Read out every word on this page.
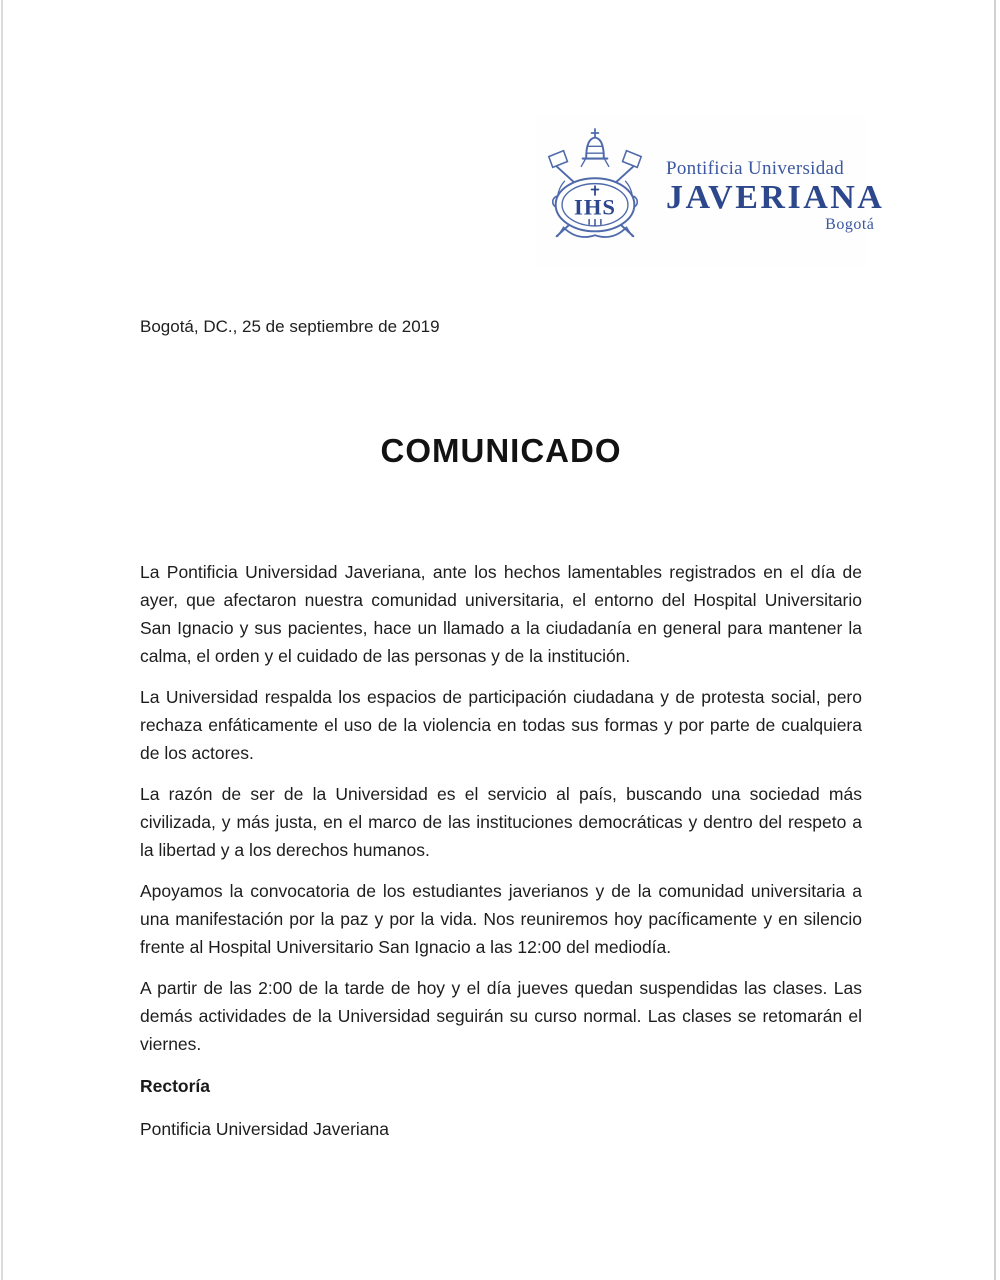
IHS
Pontificia Universidad
JAVERIANA
Bogotá
Bogotá, DC., 25 de septiembre de 2019
COMUNICADO

La Pontificia Universidad Javeriana, ante los hechos lamentables registrados en el día de ayer, que afectaron nuestra comunidad universitaria, el entorno del Hospital Universitario San Ignacio y sus pacientes, hace un llamado a la ciudadanía en general para mantener la calma, el orden y el cuidado de las personas y de la institución.

La Universidad respalda los espacios de participación ciudadana y de protesta social, pero rechaza enfáticamente el uso de la violencia en todas sus formas y por parte de cualquiera de los actores.

La razón de ser de la Universidad es el servicio al país, buscando una sociedad más civilizada, y más justa, en el marco de las instituciones democráticas y dentro del respeto a la libertad y a los derechos humanos.

Apoyamos la convocatoria de los estudiantes javerianos y de la comunidad universitaria a una manifestación por la paz y por la vida. Nos reuniremos hoy pacíficamente y en silencio frente al Hospital Universitario San Ignacio a las 12:00 del mediodía.

A partir de las 2:00 de la tarde de hoy y el día jueves quedan suspendidas las clases. Las demás actividades de la Universidad seguirán su curso normal. Las clases se retomarán el viernes.

Rectoría
Pontificia Universidad Javeriana
